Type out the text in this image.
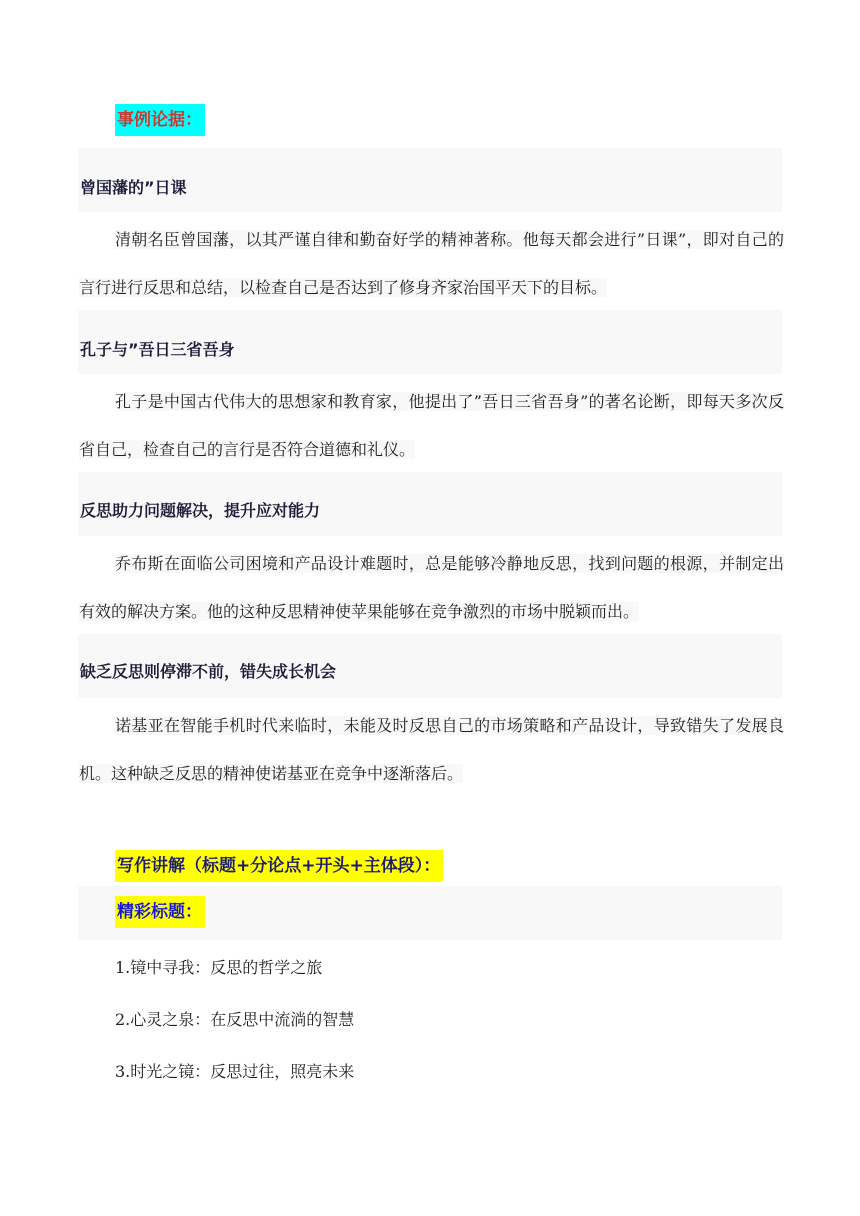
事例论据：
曾国藩的”日课
清朝名臣曾国藩，以其严谨自律和勤奋好学的精神著称。他每天都会进行”日课”，即对自己的言行进行反思和总结，以检查自己是否达到了修身齐家治国平天下的目标。
孔子与”吾日三省吾身
孔子是中国古代伟大的思想家和教育家，他提出了”吾日三省吾身”的著名论断，即每天多次反省自己，检查自己的言行是否符合道德和礼仪。
反思助力问题解决，提升应对能力
乔布斯在面临公司困境和产品设计难题时，总是能够冷静地反思，找到问题的根源，并制定出有效的解决方案。他的这种反思精神使苹果能够在竞争激烈的市场中脱颖而出。
缺乏反思则停滞不前，错失成长机会
诺基亚在智能手机时代来临时，未能及时反思自己的市场策略和产品设计，导致错失了发展良机。这种缺乏反思的精神使诺基亚在竞争中逐渐落后。
写作讲解（标题+分论点+开头+主体段）：
精彩标题：
1.镜中寻我：反思的哲学之旅
2.心灵之泉：在反思中流淌的智慧
3.时光之镜：反思过往，照亮未来
